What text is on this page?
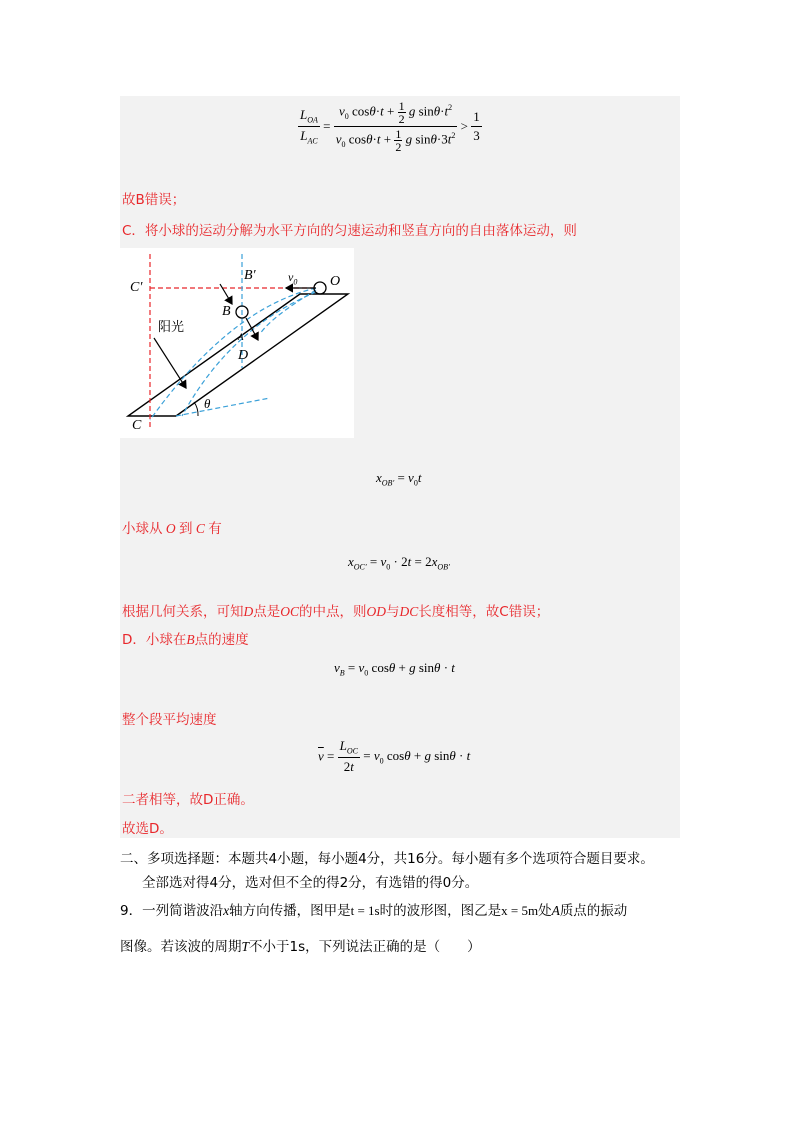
$\frac{L_{OA}}{L_{AC}} = \frac{v_0 \cos\theta\cdot t + \frac{1}{2} g \sin\theta\cdot t^2}{v_0 \cos\theta\cdot t + \frac{1}{2} g \sin\theta\cdot 3t^2} > \frac{1}{3}$
故B错误；
C．将小球的运动分解为水平方向的匀速运动和竖直方向的自由落体运动，则
C′
B′	$v_0$ O
B
阳光
A
D
θ
C
$x_{OB'} = v_0t$
小球从 O 到 C 有
$x_{OC'} = v_0 \cdot 2t = 2x_{OB'}$
根据几何关系，可知D点是OC的中点，则OD与DC长度相等，故C错误；
D．小球在B点的速度
$v_B = v_0$ cosθ + g sinθ · t
整个段平均速度
$\overline{v} = \frac{L_{OC}}{2t} = v_0$ cosθ + g sinθ · t
二者相等，故D正确。
故选D。
二、多项选择题：本题共4小题，每小题4分，共16分。每小题有多个选项符合题目要求。
全部选对得4分，选对但不全的得2分，有选错的得0分。
9．一列简谐波沿x轴方向传播，图甲是t = 1s时的波形图，图乙是x = 5m处A质点的振动
图像。若该波的周期T不小于1s，下列说法正确的是（　　）
